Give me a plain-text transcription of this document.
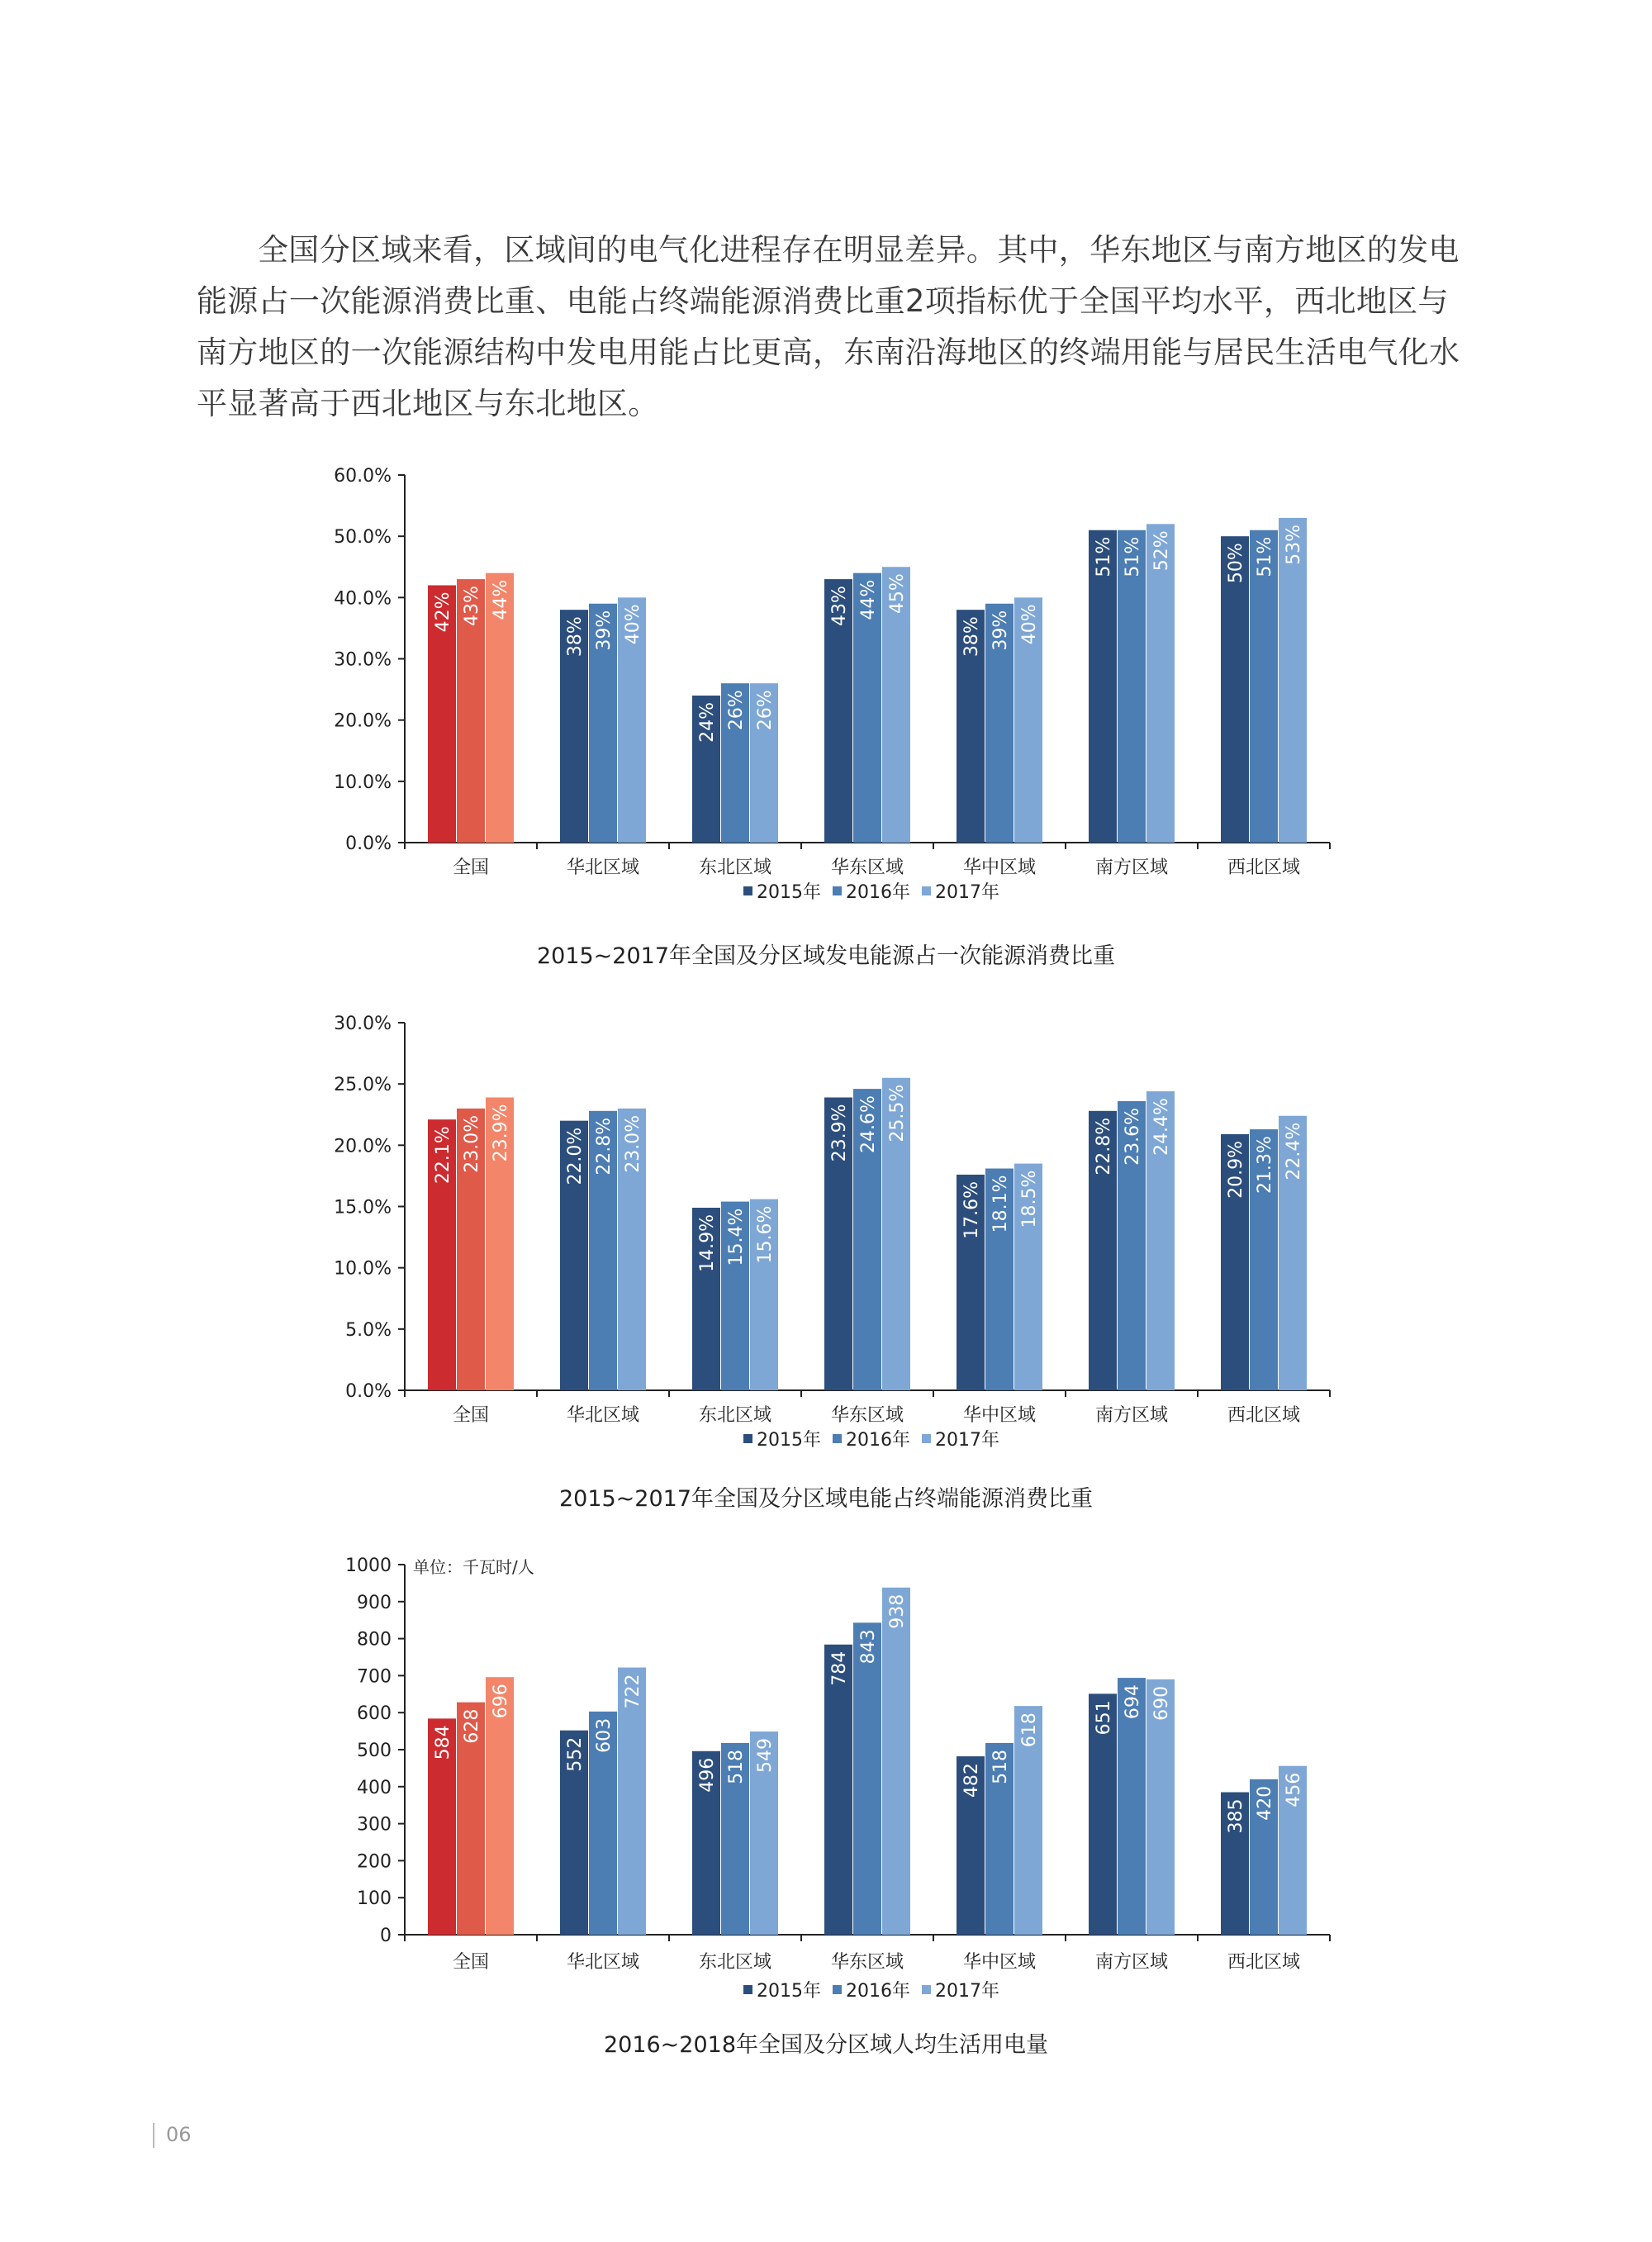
全国分区域来看，区域间的电气化进程存在明显差异。其中，华东地区与南方地区的发电能源占一次能源消费比重、电能占终端能源消费比重2项指标优于全国平均水平，西北地区与南方地区的一次能源结构中发电用能占比更高，东南沿海地区的终端用能与居民生活电气化水平显著高于西北地区与东北地区。

0.0%
10.0%
20.0%
30.0%
40.0%
50.0%
60.0%
42% 43% 44%
全国
38% 39% 40%
华北区域
24% 26% 26%
东北区域
43% 44% 45%
华东区域
38% 39% 40%
华中区域
51% 51% 52%
南方区域
50% 51% 53%
西北区域
2015年 2016年 2017年
2015~2017年全国及分区域发电能源占一次能源消费比重
0.0%
5.0%
10.0%
15.0%
20.0%
25.0%
30.0%
22.1% 23.0% 23.9%
全国
22.0% 22.8% 23.0%
华北区域
14.9% 15.4% 15.6%
东北区域
23.9% 24.6% 25.5%
华东区域
17.6% 18.1% 18.5%
华中区域
22.8% 23.6% 24.4%
南方区域
20.9% 21.3% 22.4%
西北区域
2015年 2016年 2017年
2015~2017年全国及分区域电能占终端能源消费比重
0
100
200
300
400
500
600
700
800
900
1000
584 628
696
全国
552
603
722
华北区域
496 518 549
东北区域
784
843
938
华东区域
482 518
618
华中区域
651 694 690
南方区域
385 420 456
西北区域
2015年 2016年 2017年
单位：千瓦时/人
2016~2018年全国及分区域人均生活用电量
06
